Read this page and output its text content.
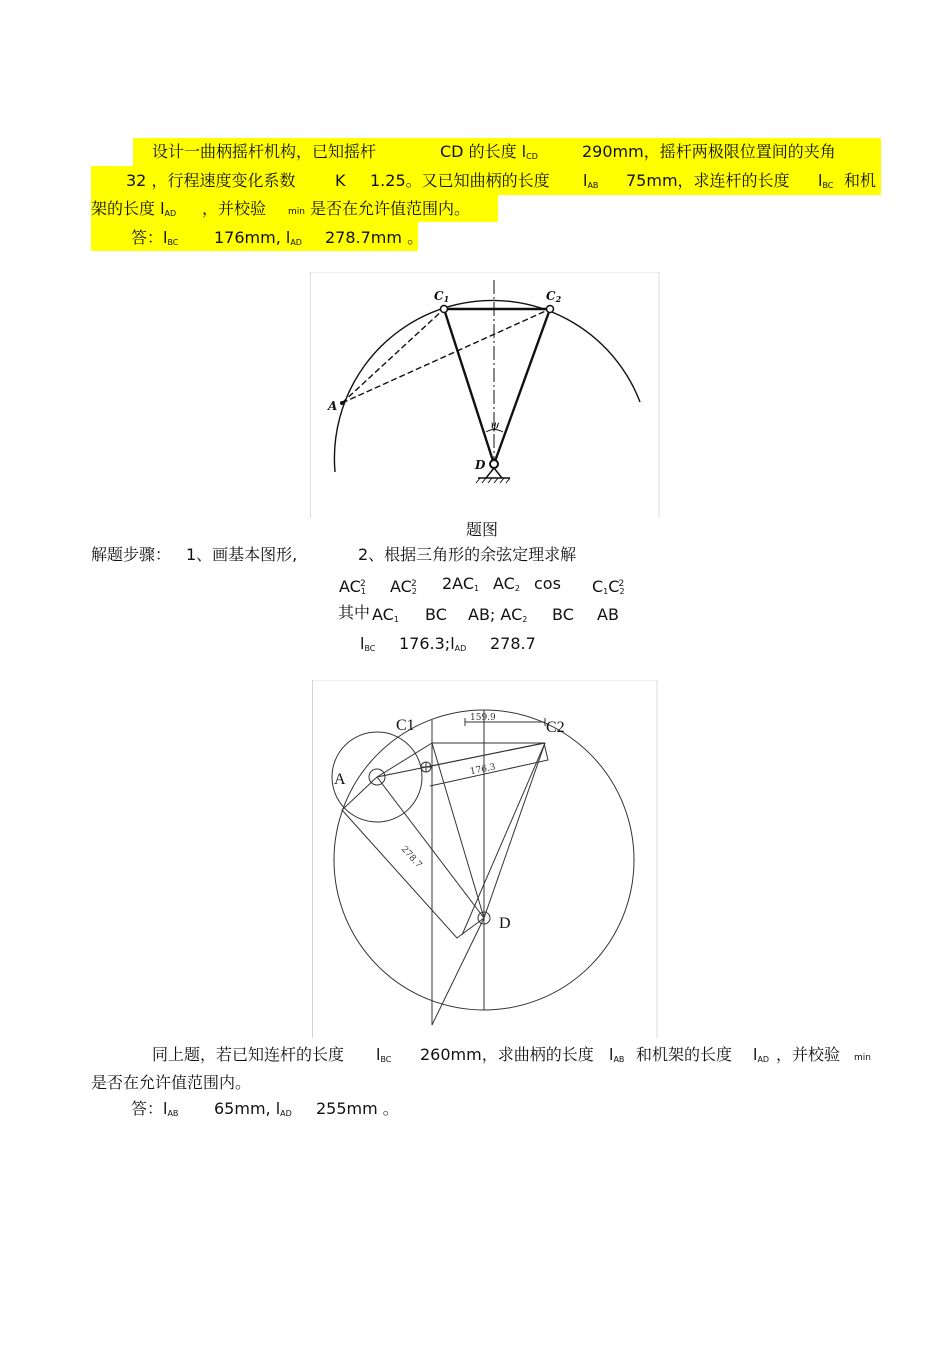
设计一曲柄摇杆机构，已知摇杆	CD 的长度 $l_{CD}$	290mm，摇杆两极限位置间的夹角
32 ，行程速度变化系数 K 1.25。又已知曲柄的长度 $l_{AB}$ 75mm，求连杆的长度 $l_{BC}$ 和机
架的长度 $l_{AD}$ ，并校验 min 是否在允许值范围内。
答：$l_{BC}$ 176mm, $l_{AD}$ 278.7mm 。
$C_1$	$C_2$
A
D
ψ
题图
解题步骤： 1、画基本图形,	2、根据三角形的余弦定理求解
$AC_1^2$ $AC_2^2$ $2AC_1$ $AC_2$ $\cos C_1C_2^2$
其中 $AC_1$ BC AB; $AC_2$ BC AB
$l_{BC}$ $176.3;l_{AD}$ 278.7
159.9
176.3
278.7
C1	C2
A
D
同上题，若已知连杆的长度 $l_{BC}$ 260mm，求曲柄的长度 $l_{AB}$ 和机架的长度 $l_{AD}$ ，并校验 min
是否在允许值范围内。
答：$l_{AB}$ 65mm, $l_{AD}$ 255mm 。
